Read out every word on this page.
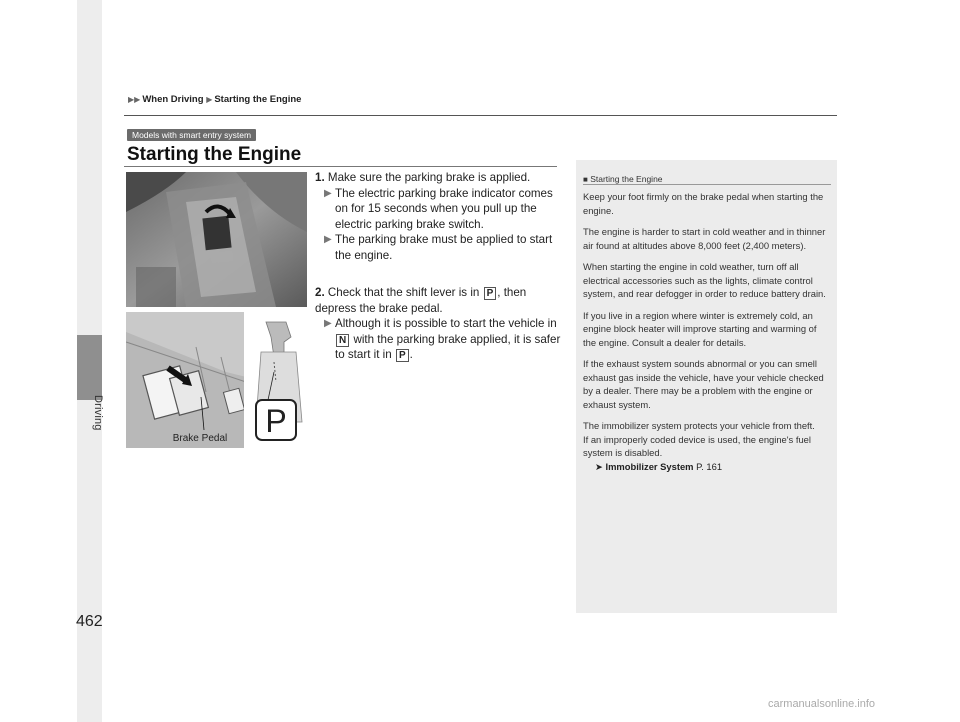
Driving
▶▶ When Driving ▶ Starting the Engine
Models with smart entry system
Starting the Engine
P
Brake Pedal
1. Make sure the parking brake is applied.
▶ The electric parking brake indicator comes on for 15 seconds when you pull up the electric parking brake switch.
▶ The parking brake must be applied to start the engine.
2. Check that the shift lever is in P , then depress the brake pedal.
▶ Although it is possible to start the vehicle in N with the parking brake applied, it is safer to start it in P .
■ Starting the Engine

Keep your foot firmly on the brake pedal when starting the engine.

The engine is harder to start in cold weather and in thinner air found at altitudes above 8,000 feet (2,400 meters).

When starting the engine in cold weather, turn off all electrical accessories such as the lights, climate control system, and rear defogger in order to reduce battery drain.

If you live in a region where winter is extremely cold, an engine block heater will improve starting and warming of the engine. Consult a dealer for details.

If the exhaust system sounds abnormal or you can smell exhaust gas inside the vehicle, have your vehicle checked by a dealer. There may be a problem with the engine or exhaust system.

The immobilizer system protects your vehicle from theft.
If an improperly coded device is used, the engine's fuel system is disabled.

➤ Immobilizer System P. 161
462
carmanualsonline.info
